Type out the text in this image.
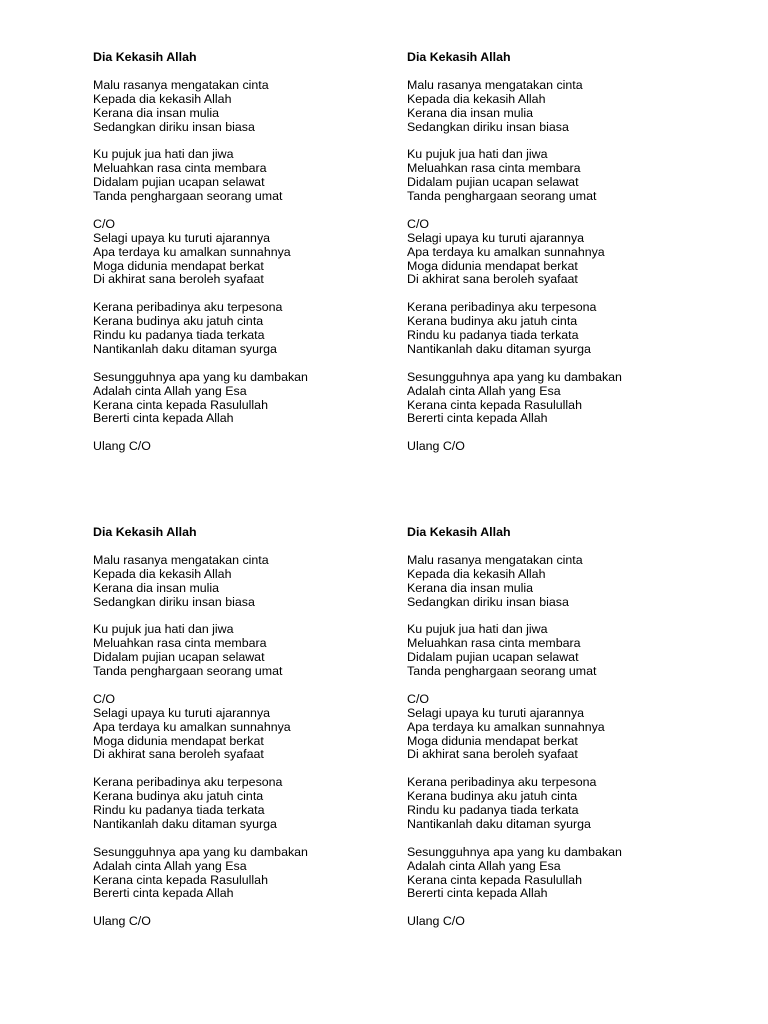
Dia Kekasih Allah
Malu rasanya mengatakan cinta
Kepada dia kekasih Allah
Kerana dia insan mulia
Sedangkan diriku insan biasa
Ku pujuk jua hati dan jiwa
Meluahkan rasa cinta membara
Didalam pujian ucapan selawat
Tanda penghargaan seorang umat
C/O
Selagi upaya ku turuti ajarannya
Apa terdaya ku amalkan sunnahnya
Moga didunia mendapat berkat
Di akhirat sana beroleh syafaat
Kerana peribadinya aku terpesona
Kerana budinya aku jatuh cinta
Rindu ku padanya tiada terkata
Nantikanlah daku ditaman syurga
Sesungguhnya apa yang ku dambakan
Adalah cinta Allah yang Esa
Kerana cinta kepada Rasulullah
Bererti cinta kepada Allah
Ulang C/O
Dia Kekasih Allah
Malu rasanya mengatakan cinta
Kepada dia kekasih Allah
Kerana dia insan mulia
Sedangkan diriku insan biasa
Ku pujuk jua hati dan jiwa
Meluahkan rasa cinta membara
Didalam pujian ucapan selawat
Tanda penghargaan seorang umat
C/O
Selagi upaya ku turuti ajarannya
Apa terdaya ku amalkan sunnahnya
Moga didunia mendapat berkat
Di akhirat sana beroleh syafaat
Kerana peribadinya aku terpesona
Kerana budinya aku jatuh cinta
Rindu ku padanya tiada terkata
Nantikanlah daku ditaman syurga
Sesungguhnya apa yang ku dambakan
Adalah cinta Allah yang Esa
Kerana cinta kepada Rasulullah
Bererti cinta kepada Allah
Ulang C/O
Dia Kekasih Allah
Malu rasanya mengatakan cinta
Kepada dia kekasih Allah
Kerana dia insan mulia
Sedangkan diriku insan biasa
Ku pujuk jua hati dan jiwa
Meluahkan rasa cinta membara
Didalam pujian ucapan selawat
Tanda penghargaan seorang umat
C/O
Selagi upaya ku turuti ajarannya
Apa terdaya ku amalkan sunnahnya
Moga didunia mendapat berkat
Di akhirat sana beroleh syafaat
Kerana peribadinya aku terpesona
Kerana budinya aku jatuh cinta
Rindu ku padanya tiada terkata
Nantikanlah daku ditaman syurga
Sesungguhnya apa yang ku dambakan
Adalah cinta Allah yang Esa
Kerana cinta kepada Rasulullah
Bererti cinta kepada Allah
Ulang C/O
Dia Kekasih Allah
Malu rasanya mengatakan cinta
Kepada dia kekasih Allah
Kerana dia insan mulia
Sedangkan diriku insan biasa
Ku pujuk jua hati dan jiwa
Meluahkan rasa cinta membara
Didalam pujian ucapan selawat
Tanda penghargaan seorang umat
C/O
Selagi upaya ku turuti ajarannya
Apa terdaya ku amalkan sunnahnya
Moga didunia mendapat berkat
Di akhirat sana beroleh syafaat
Kerana peribadinya aku terpesona
Kerana budinya aku jatuh cinta
Rindu ku padanya tiada terkata
Nantikanlah daku ditaman syurga
Sesungguhnya apa yang ku dambakan
Adalah cinta Allah yang Esa
Kerana cinta kepada Rasulullah
Bererti cinta kepada Allah
Ulang C/O
